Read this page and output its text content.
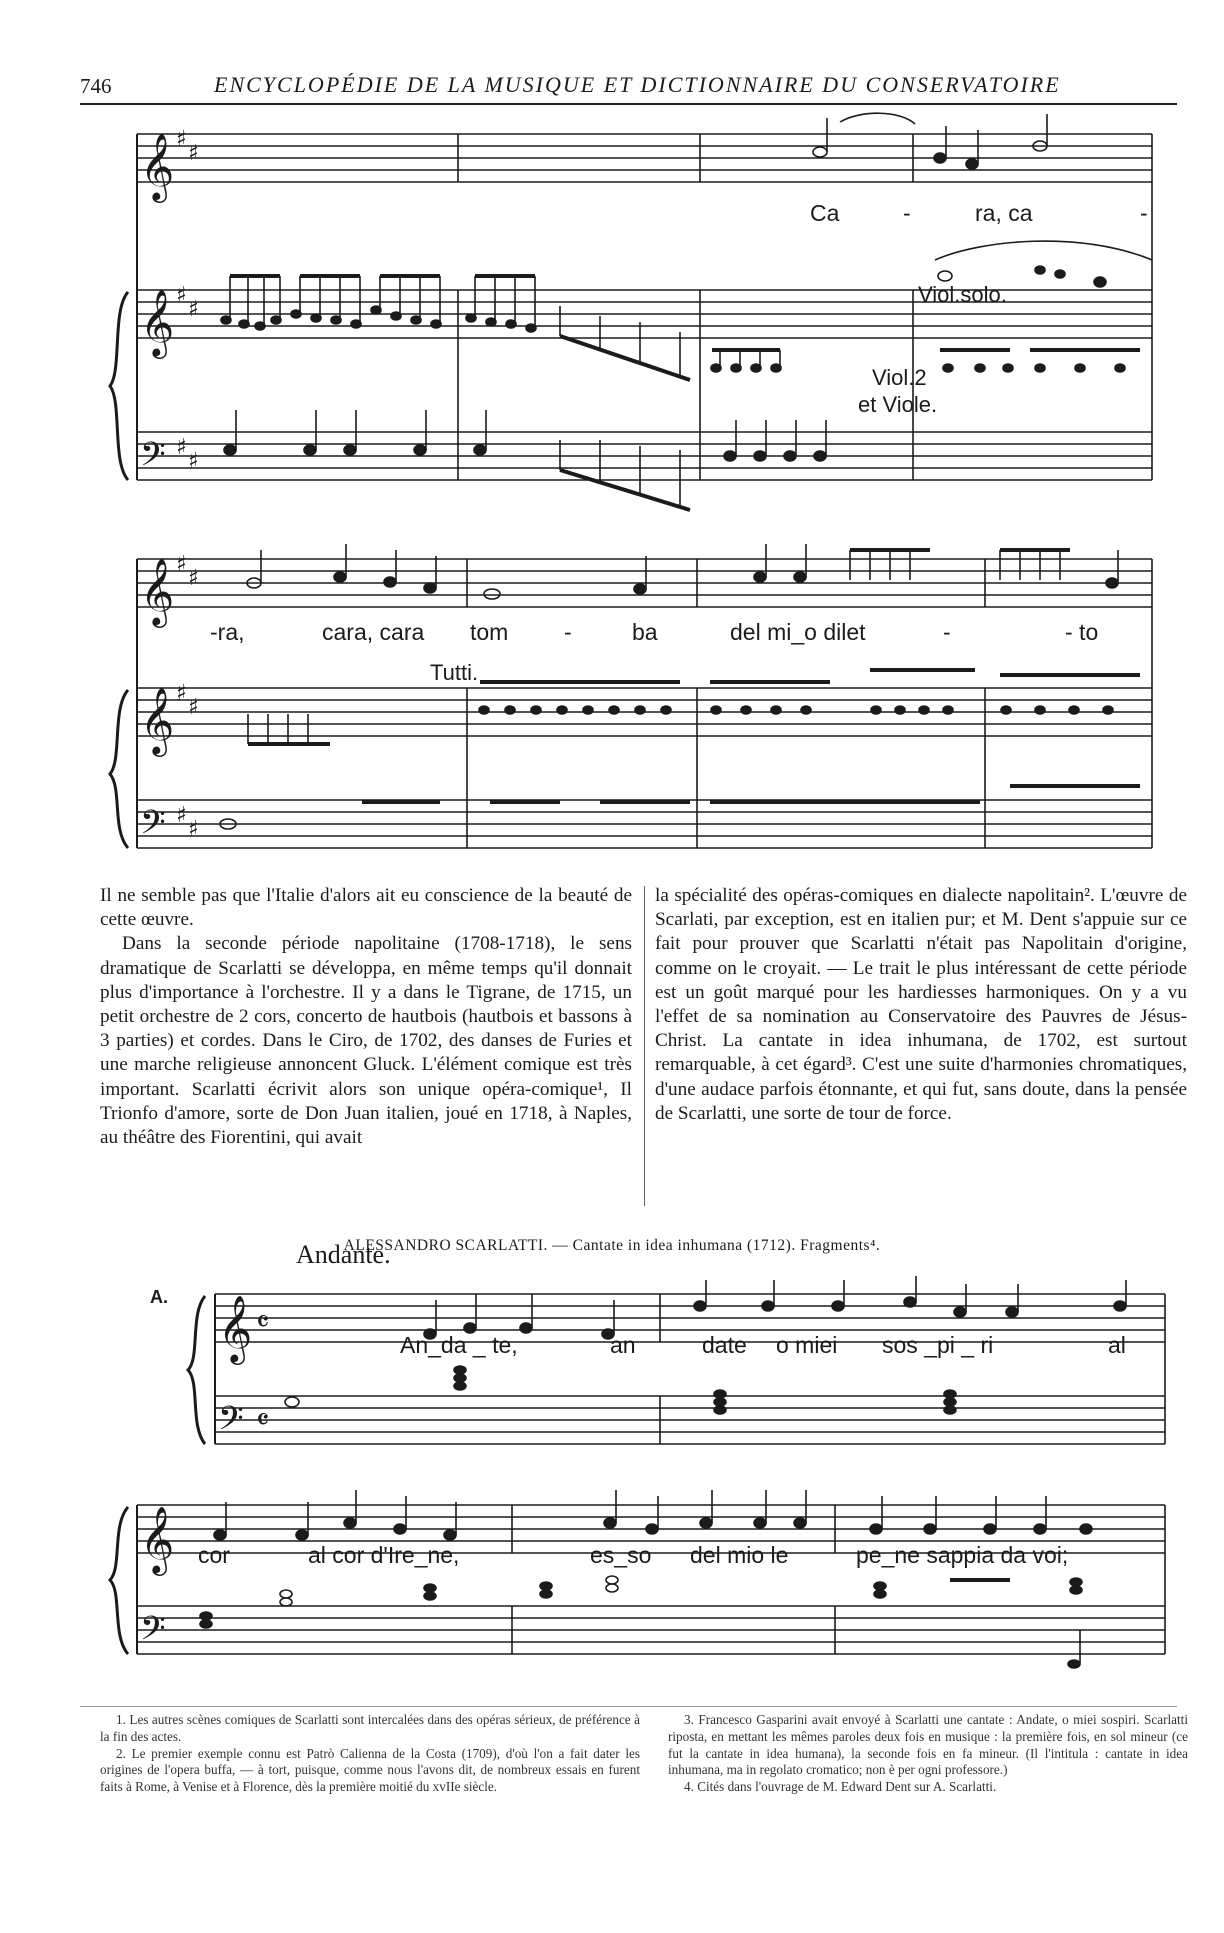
746	ENCYCLOPÉDIE DE LA MUSIQUE ET DICTIONNAIRE DU CONSERVATOIRE
𝄞 ♯
♯
𝄞 ♯
♯
𝄢 ♯
♯
𝄞 ♯
♯
𝄞 ♯
♯
𝄢 ♯
♯
Ca	-	ra, ca	-
Viol.solo.
Viol.2
et Viole.
-ra,	cara, cara tom -	ba	del mi_o dilet	-	- to
Tutti.

Il ne semble pas que l'Italie d'alors ait eu conscience de la beauté de cette œuvre.

Dans la seconde période napolitaine (1708-1718), le sens dramatique de Scarlatti se développa, en même temps qu'il donnait plus d'importance à l'orchestre. Il y a dans le Tigrane, de 1715, un petit orchestre de 2 cors, concerto de hautbois (hautbois et bassons à 3 parties) et cordes. Dans le Ciro, de 1702, des danses de Furies et une marche religieuse annoncent Gluck. L'élément comique est très important. Scarlatti écrivit alors son unique opéra-comique¹, Il Trionfo d'amore, sorte de Don Juan italien, joué en 1718, à Naples, au théâtre des Fiorentini, qui avait

la spécialité des opéras-comiques en dialecte napolitain². L'œuvre de Scarlati, par exception, est en italien pur; et M. Dent s'appuie sur ce fait pour prouver que Scarlatti n'était pas Napolitain d'origine, comme on le croyait. — Le trait le plus intéressant de cette période est un goût marqué pour les hardiesses harmoniques. On y a vu l'effet de sa nomination au Conservatoire des Pauvres de Jésus-Christ. La cantate in idea inhumana, de 1702, est surtout remarquable, à cet égard³. C'est une suite d'harmonies chromatiques, d'une audace parfois étonnante, et qui fut, sans doute, dans la pensée de Scarlatti, une sorte de tour de force.

ALESSANDRO SCARLATTI. — Cantate in idea inhumana (1712). Fragments⁴.
Andante.
A. 𝄞 𝄴
𝄢 𝄴
𝄞
𝄢
An_da _ te,	an	date o miei sos _pi _ ri	al
cor	al cor d'Ire_ne,	es_so del mio le	pe_ne sappia da voi;

1. Les autres scènes comiques de Scarlatti sont intercalées dans des opéras sérieux, de préférence à la fin des actes.

2. Le premier exemple connu est Patrò Calienna de la Costa (1709), d'où l'on a fait dater les origines de l'opera buffa, — à tort, puisque, comme nous l'avons dit, de nombreux essais en furent faits à Rome, à Venise et à Florence, dès la première moitié du xvIIe siècle.

3. Francesco Gasparini avait envoyé à Scarlatti une cantate : Andate, o miei sospiri. Scarlatti riposta, en mettant les mêmes paroles deux fois en musique : la première fois, en sol mineur (ce fut la cantate in idea humana), la seconde fois en fa mineur. (Il l'intitula : cantate in idea inhumana, ma in regolato cromatico; non è per ogni professore.)

4. Cités dans l'ouvrage de M. Edward Dent sur A. Scarlatti.
